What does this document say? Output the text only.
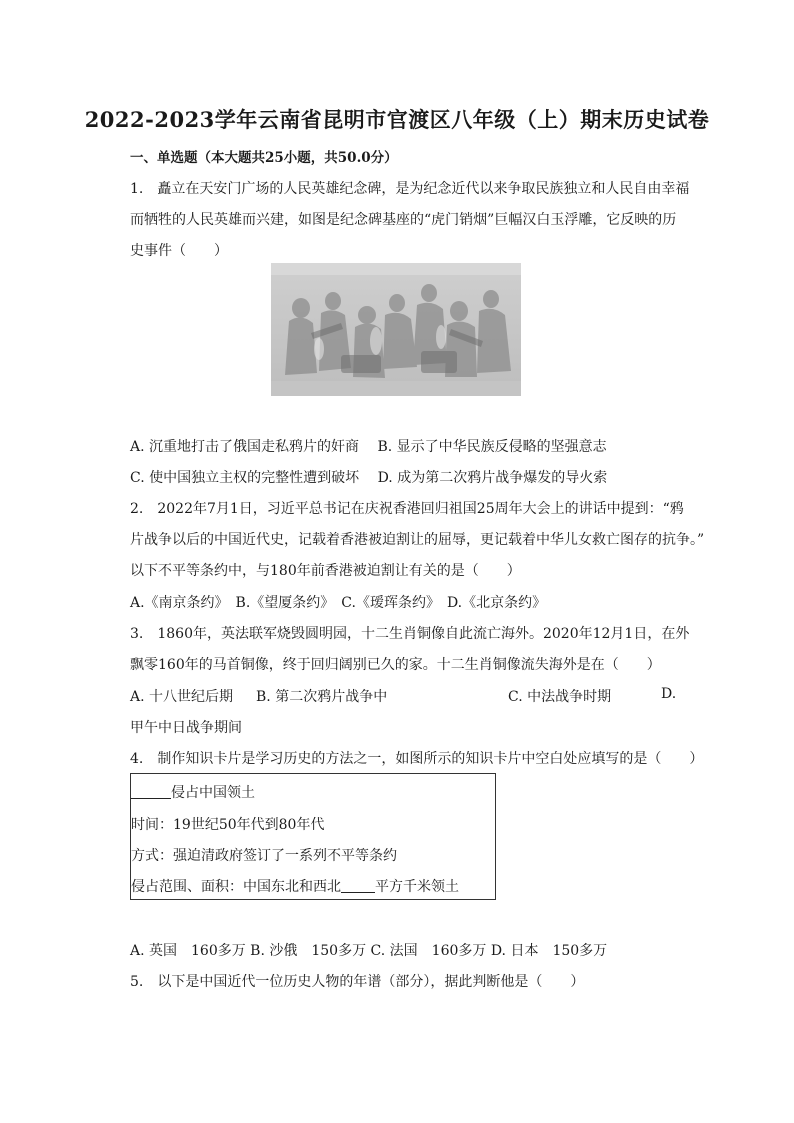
2022-2023学年云南省昆明市官渡区八年级（上）期末历史试卷
一、单选题（本大题共25小题，共50.0分）
1.　矗立在天安门广场的人民英雄纪念碑，是为纪念近代以来争取民族独立和人民自由幸福
而牺牲的人民英雄而兴建，如图是纪念碑基座的“虎门销烟”巨幅汉白玉浮雕，它反映的历
史事件（　　）
A. 沉重地打击了俄国走私鸦片的奸商　 B. 显示了中华民族反侵略的坚强意志
C. 使中国独立主权的完整性遭到破坏　 D. 成为第二次鸦片战争爆发的导火索
2.　2022年7月1日，习近平总书记在庆祝香港回归祖国25周年大会上的讲话中提到：“鸦
片战争以后的中国近代史，记载着香港被迫割让的屈辱，更记载着中华儿女救亡图存的抗争。”
以下不平等条约中，与180年前香港被迫割让有关的是（　　）
A.《南京条约》　B.《望厦条约》　C.《瑷珲条约》　D.《北京条约》
3.　1860年，英法联军烧毁圆明园，十二生肖铜像自此流亡海外。2020年12月1日，在外
飘零160年的马首铜像，终于回归阔别已久的家。十二生肖铜像流失海外是在（　　）
A. 十八世纪后期 B. 第二次鸦片战争中	C. 中法战争时期	D.
甲午中日战争期间
4.　制作知识卡片是学习历史的方法之一，如图所示的知识卡片中空白处应填写的是（　　）
侵占中国领土
时间：19世纪50年代到80年代
方式：强迫清政府签订了一系列不平等条约
侵占范围、面积：中国东北和西北 平方千米领土
A. 英国　160多万 B. 沙俄　150多万 C. 法国　160多万 D. 日本　150多万
5.　以下是中国近代一位历史人物的年谱（部分），据此判断他是（　　）
